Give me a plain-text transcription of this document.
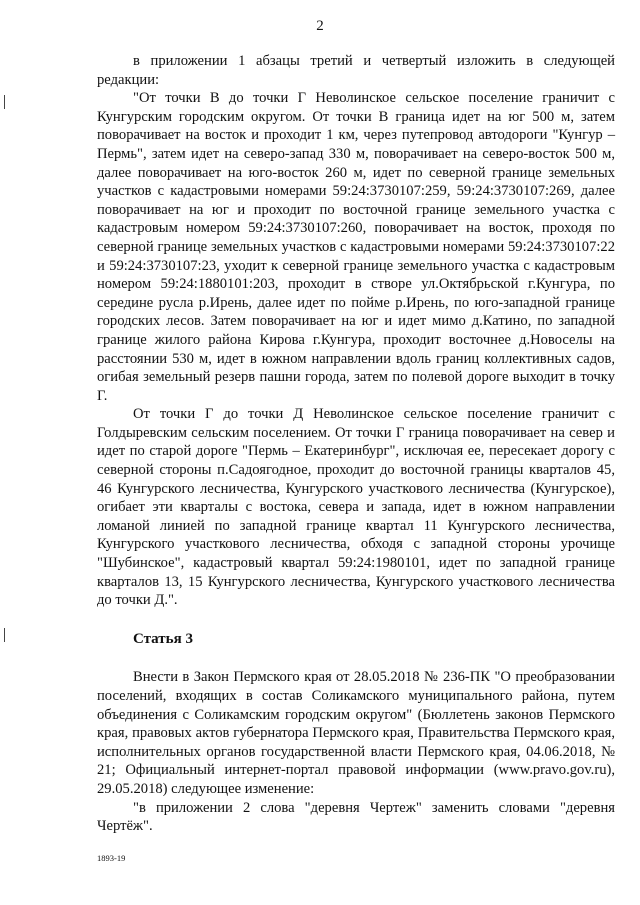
2

в приложении 1 абзацы третий и четвертый изложить в следующей редакции:

"От точки В до точки Г Неволинское сельское поселение граничит с Кунгурским городским округом. От точки В граница идет на юг 500 м, затем поворачивает на восток и проходит 1 км, через путепровод автодороги "Кунгур – Пермь", затем идет на северо-запад 330 м, поворачивает на северо-восток 500 м, далее поворачивает на юго-восток 260 м, идет по северной границе земельных участков с кадастровыми номерами 59:24:3730107:259, 59:24:3730107:269, далее поворачивает на юг и проходит по восточной границе земельного участка с кадастровым номером 59:24:3730107:260, поворачивает на восток, проходя по северной границе земельных участков с кадастровыми номерами 59:24:3730107:22 и 59:24:3730107:23, уходит к северной границе земельного участка с кадастровым номером 59:24:1880101:203, проходит в створе ул.Октябрьской г.Кунгура, по середине русла р.Ирень, далее идет по пойме р.Ирень, по юго-западной границе городских лесов. Затем поворачивает на юг и идет мимо д.Катино, по западной границе жилого района Кирова г.Кунгура, проходит восточнее д.Новоселы на расстоянии 530 м, идет в южном направлении вдоль границ коллективных садов, огибая земельный резерв пашни города, затем по полевой дороге выходит в точку Г.

От точки Г до точки Д Неволинское сельское поселение граничит с Голдыревским сельским поселением. От точки Г граница поворачивает на север и идет по старой дороге "Пермь – Екатеринбург", исключая ее, пересекает дорогу с северной стороны п.Садоягодное, проходит до восточной границы кварталов 45, 46 Кунгурского лесничества, Кунгурского участкового лесничества (Кунгурское), огибает эти кварталы с востока, севера и запада, идет в южном направлении ломаной линией по западной границе квартал 11 Кунгурского лесничества, Кунгурского участкового лесничества, обходя с западной стороны урочище "Шубинское", кадастровый квартал 59:24:1980101, идет по западной границе кварталов 13, 15 Кунгурского лесничества, Кунгурского участкового лесничества до точки Д.".

Статья 3

Внести в Закон Пермского края от 28.05.2018 № 236-ПК "О преобразовании поселений, входящих в состав Соликамского муниципального района, путем объединения с Соликамским городским округом" (Бюллетень законов Пермского края, правовых актов губернатора Пермского края, Правительства Пермского края, исполнительных органов государственной власти Пермского края, 04.06.2018, № 21; Официальный интернет-портал правовой информации (www.pravo.gov.ru), 29.05.2018) следующее изменение:

"в приложении 2 слова "деревня Чертеж" заменить словами "деревня Чертёж".

1893-19
